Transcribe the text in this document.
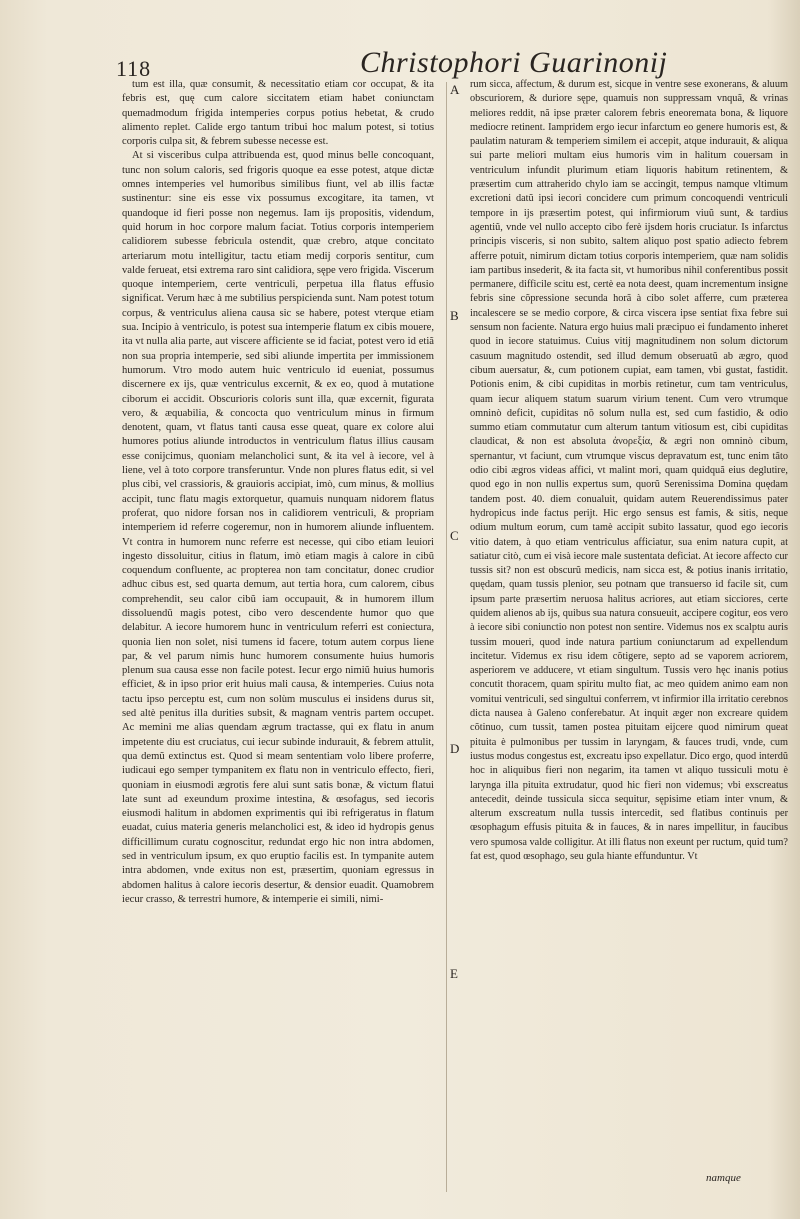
118	Christophori Guarinonij

tum est illa, quæ consumit, & necessitatio etiam cor occupat, & ita febris est, quę cum calore siccitatem etiam habet coniunctam quemadmodum frigida intemperies corpus potius hebetat, & crudo alimento replet. Calide ergo tantum tribui hoc malum potest, si totius corporis culpa sit, & febrem subesse necesse est.

At si visceribus culpa attribuenda est, quod minus belle concoquant, tunc non solum caloris, sed frigoris quoque ea esse potest, atque dictæ omnes intemperies vel humoribus similibus fiunt, vel ab illis factæ sustinentur: sine eis esse vix possumus excogitare, ita tamen, vt quandoque id fieri posse non negemus. Iam ijs propositis, videndum, quid horum in hoc corpore malum faciat. Totius corporis intemperiem calidiorem subesse febricula ostendit, quæ crebro, atque concitato arteriarum motu intelligitur, tactu etiam medij corporis sentitur, cum valde ferueat, etsi extrema raro sint calidiora, sępe vero frigida. Viscerum quoque intemperiem, certe ventriculi, perpetua illa flatus effusio significat. Verum hæc à me subtilius perspicienda sunt. Nam potest totum corpus, & ventriculus aliena causa sic se habere, potest vterque etiam sua. Incipio à ventriculo, is potest sua intemperie flatum ex cibis mouere, ita vt nulla alia parte, aut viscere afficiente se id faciat, potest vero id etiã non sua propria intemperie, sed sibi aliunde impertita per immissionem humorum. Vtro modo autem huic ventriculo id eueniat, possumus discernere ex ijs, quæ ventriculus excernit, & ex eo, quod à mutatione ciborum ei accidit. Obscurioris coloris sunt illa, quæ excernit, figurata vero, & æquabilia, & concocta quo ventriculum minus in firmum denotent, quam, vt flatus tanti causa esse queat, quare ex colore alui humores potius aliunde introductos in ventriculum flatus illius causam esse conijcimus, quoniam melancholici sunt, & ita vel à iecore, vel à liene, vel à toto corpore transferuntur. Vnde non plures flatus edit, si vel plus cibi, vel crassioris, & grauioris accipiat, imò, cum minus, & mollius accipit, tunc flatu magis extorquetur, quamuis nunquam nidorem flatus proferat, quo nidore forsan nos in calidiorem ventriculi, & propriam intemperiem id referre cogeremur, non in humorem aliunde influentem. Vt contra in humorem nunc referre est necesse, qui cibo etiam leuiori ingesto dissoluitur, citius in flatum, imò etiam magis à calore in cibũ coquendum confluente, ac propterea non tam concitatur, donec crudior adhuc cibus est, sed quarta demum, aut tertia hora, cum calorem, cibus comprehendit, seu calor cibũ iam occupauit, & in humorem illum dissoluendũ magis potest, cibo vero descendente humor quo que delabitur. A iecore humorem hunc in ventriculum referri est coniectura, quonia lien non solet, nisi tumens id facere, totum autem corpus liene par, & vel parum nimis hunc humorem consumente huius humoris plenum sua causa esse non facile potest. Iecur ergo nimiũ huius humoris efficiet, & in ipso prior erit huius mali causa, & intemperies. Cuius nota tactu ipso perceptu est, cum non solùm musculus ei insidens durus sit, sed altè penitus illa durities subsit, & magnam ventris partem occupet. Ac memini me alias quendam ægrum tractasse, qui ex flatu in anum impetente diu est cruciatus, cui iecur subinde indurauit, & febrem attulit, qua demũ extinctus est. Quod si meam sententiam volo libere proferre, iudicaui ego semper tympanitem ex flatu non in ventriculo effecto, fieri, quoniam in eiusmodi ægrotis fere alui sunt satis bonæ, & victum flatui late sunt ad exeundum proxime intestina, & œsofagus, sed iecoris eiusmodi halitum in abdomen exprimentis qui ibi refrigeratus in flatum euadat, cuius materia generis melancholici est, & ideo id hydropis genus difficillimum curatu cognoscitur, redundat ergo hic non intra abdomen, sed in ventriculum ipsum, ex quo eruptio facilis est. In tympanite autem intra abdomen, vnde exitus non est, præsertim, quoniam egressus in abdomen halitus à calore iecoris desertur, & densior euadit. Quamobrem iecur crasso, & terrestri humore, & intemperie ei simili, nimi-

A
B
C
D
E

rum sicca, affectum, & durum est, sicque in ventre sese exonerans, & aluum obscuriorem, & duriore sępe, quamuis non suppressam vnquã, & vrinas meliores reddit, nã ipse præter calorem febris eneoremata bona, & liquore mediocre retinent. Iampridem ergo iecur infarctum eo genere humoris est, & paulatim naturam & temperiem similem ei accepit, atque indurauit, & aliqua sui parte meliori multam eius humoris vim in halitum couersam in ventriculum infundit plurimum etiam liquoris habitum retinentem, & præsertim cum attraherido chylo iam se accingit, tempus namque vltimum excretioni datũ ipsi iecori concidere cum primum concoquendi ventriculi tempore in ijs præsertim potest, qui infirmiorum viuũ sunt, & tardius agentiũ, vnde vel nullo accepto cibo ferè ijsdem horis cruciatur. Is infarctus principis visceris, si non subito, saltem aliquo post spatio adiecto febrem afferre potuit, nimirum dictam totius corporis intemperiem, quæ nam solidis iam partibus insederit, & ita facta sit, vt humoribus nihil conferentibus possit permanere, difficile scitu est, certè ea nota deest, quam incrementum insigne febris sine cõpressione secunda horã à cibo solet afferre, cum præterea incalescere se se medio corpore, & circa viscera ipse sentiat fixa febre sui sensum non faciente. Natura ergo huius mali præcipuo ei fundamento inheret quod in iecore statuimus. Cuius vitij magnitudinem non solum dictorum casuum magnitudo ostendit, sed illud demum obseruatũ ab ægro, quod cibum auersatur, &, cum potionem cupiat, eam tamen, vbi gustat, fastidit. Potionis enim, & cibi cupiditas in morbis retinetur, cum tam ventriculus, quam iecur aliquem statum suarum virium tenent. Cum vero vtrumque omninò deficit, cupiditas nõ solum nulla est, sed cum fastidio, & odio summo etiam commutatur cum alterum tantum vitiosum est, cibi cupiditas claudicat, & non est absoluta ἀνορεξία, & ægri non omninò cibum, spernantur, vt faciunt, cum vtrumque viscus depravatum est, tunc enim tãto odio cibi ægros videas affici, vt malint mori, quam quidquã eius deglutire, quod ego in non nullis expertus sum, quorũ Serenissima Domina quędam tandem post. 40. diem conualuit, quidam autem Reuerendissimus pater hydropicus inde factus perijt. Hic ergo sensus est famis, & sitis, neque odium multum eorum, cum tamè accipit subito lassatur, quod ego iecoris vitio datem, à quo etiam ventriculus afficiatur, sua enim natura cupit, at satiatur citò, cum ei visà iecore male sustentata deficiat. At iecore affecto cur tussis sit? non est obscurũ medicis, nam sicca est, & potius inanis irritatio, quędam, quam tussis plenior, seu potnam que transuerso id facile sit, cum ipsum parte præsertim neruosa halitus acriores, aut etiam sicciores, certe quidem alienos ab ijs, quibus sua natura consueuit, accipere cogitur, eos vero à iecore sibi coniunctio non potest non sentire. Videmus nos ex scalptu auris tussim moueri, quod inde natura partium coniunctarum ad expellendum incitetur. Videmus ex risu idem cõtigere, septo ad se vaporem acriorem, asperiorem ve adducere, vt etiam singultum. Tussis vero hęc inanis potius concutit thoracem, quam spiritu multo fiat, ac meo quidem animo eam non vomitui ventriculi, sed singultui conferrem, vt infirmior illa irritatio cerebnos dicta nausea à Galeno conferebatur. At inquit æger non excreare quidem cõtinuo, cum tussit, tamen postea pituitam eijcere quod nimirum queat pituita è pulmonibus per tussim in laryngam, & fauces trudi, vnde, cum iustus modus congestus est, excreatu ipso expellatur. Dico ergo, quod interdũ hoc in aliquibus fieri non negarim, ita tamen vt aliquo tussiculi motu è larynga illa pituita extrudatur, quod hic fieri non videmus; vbi exscreatus antecedit, deinde tussicula sicca sequitur, sępisime etiam inter vnum, & alterum exscreatum nulla tussis intercedit, sed flatibus continuis per œsophagum effusis pituita & in fauces, & in nares impellitur, in faucibus vero spumosa valde colligitur. At illi flatus non exeunt per ructum, quid tum? fat est, quod œsophago, seu gula hiante effunduntur. Vt

namque
